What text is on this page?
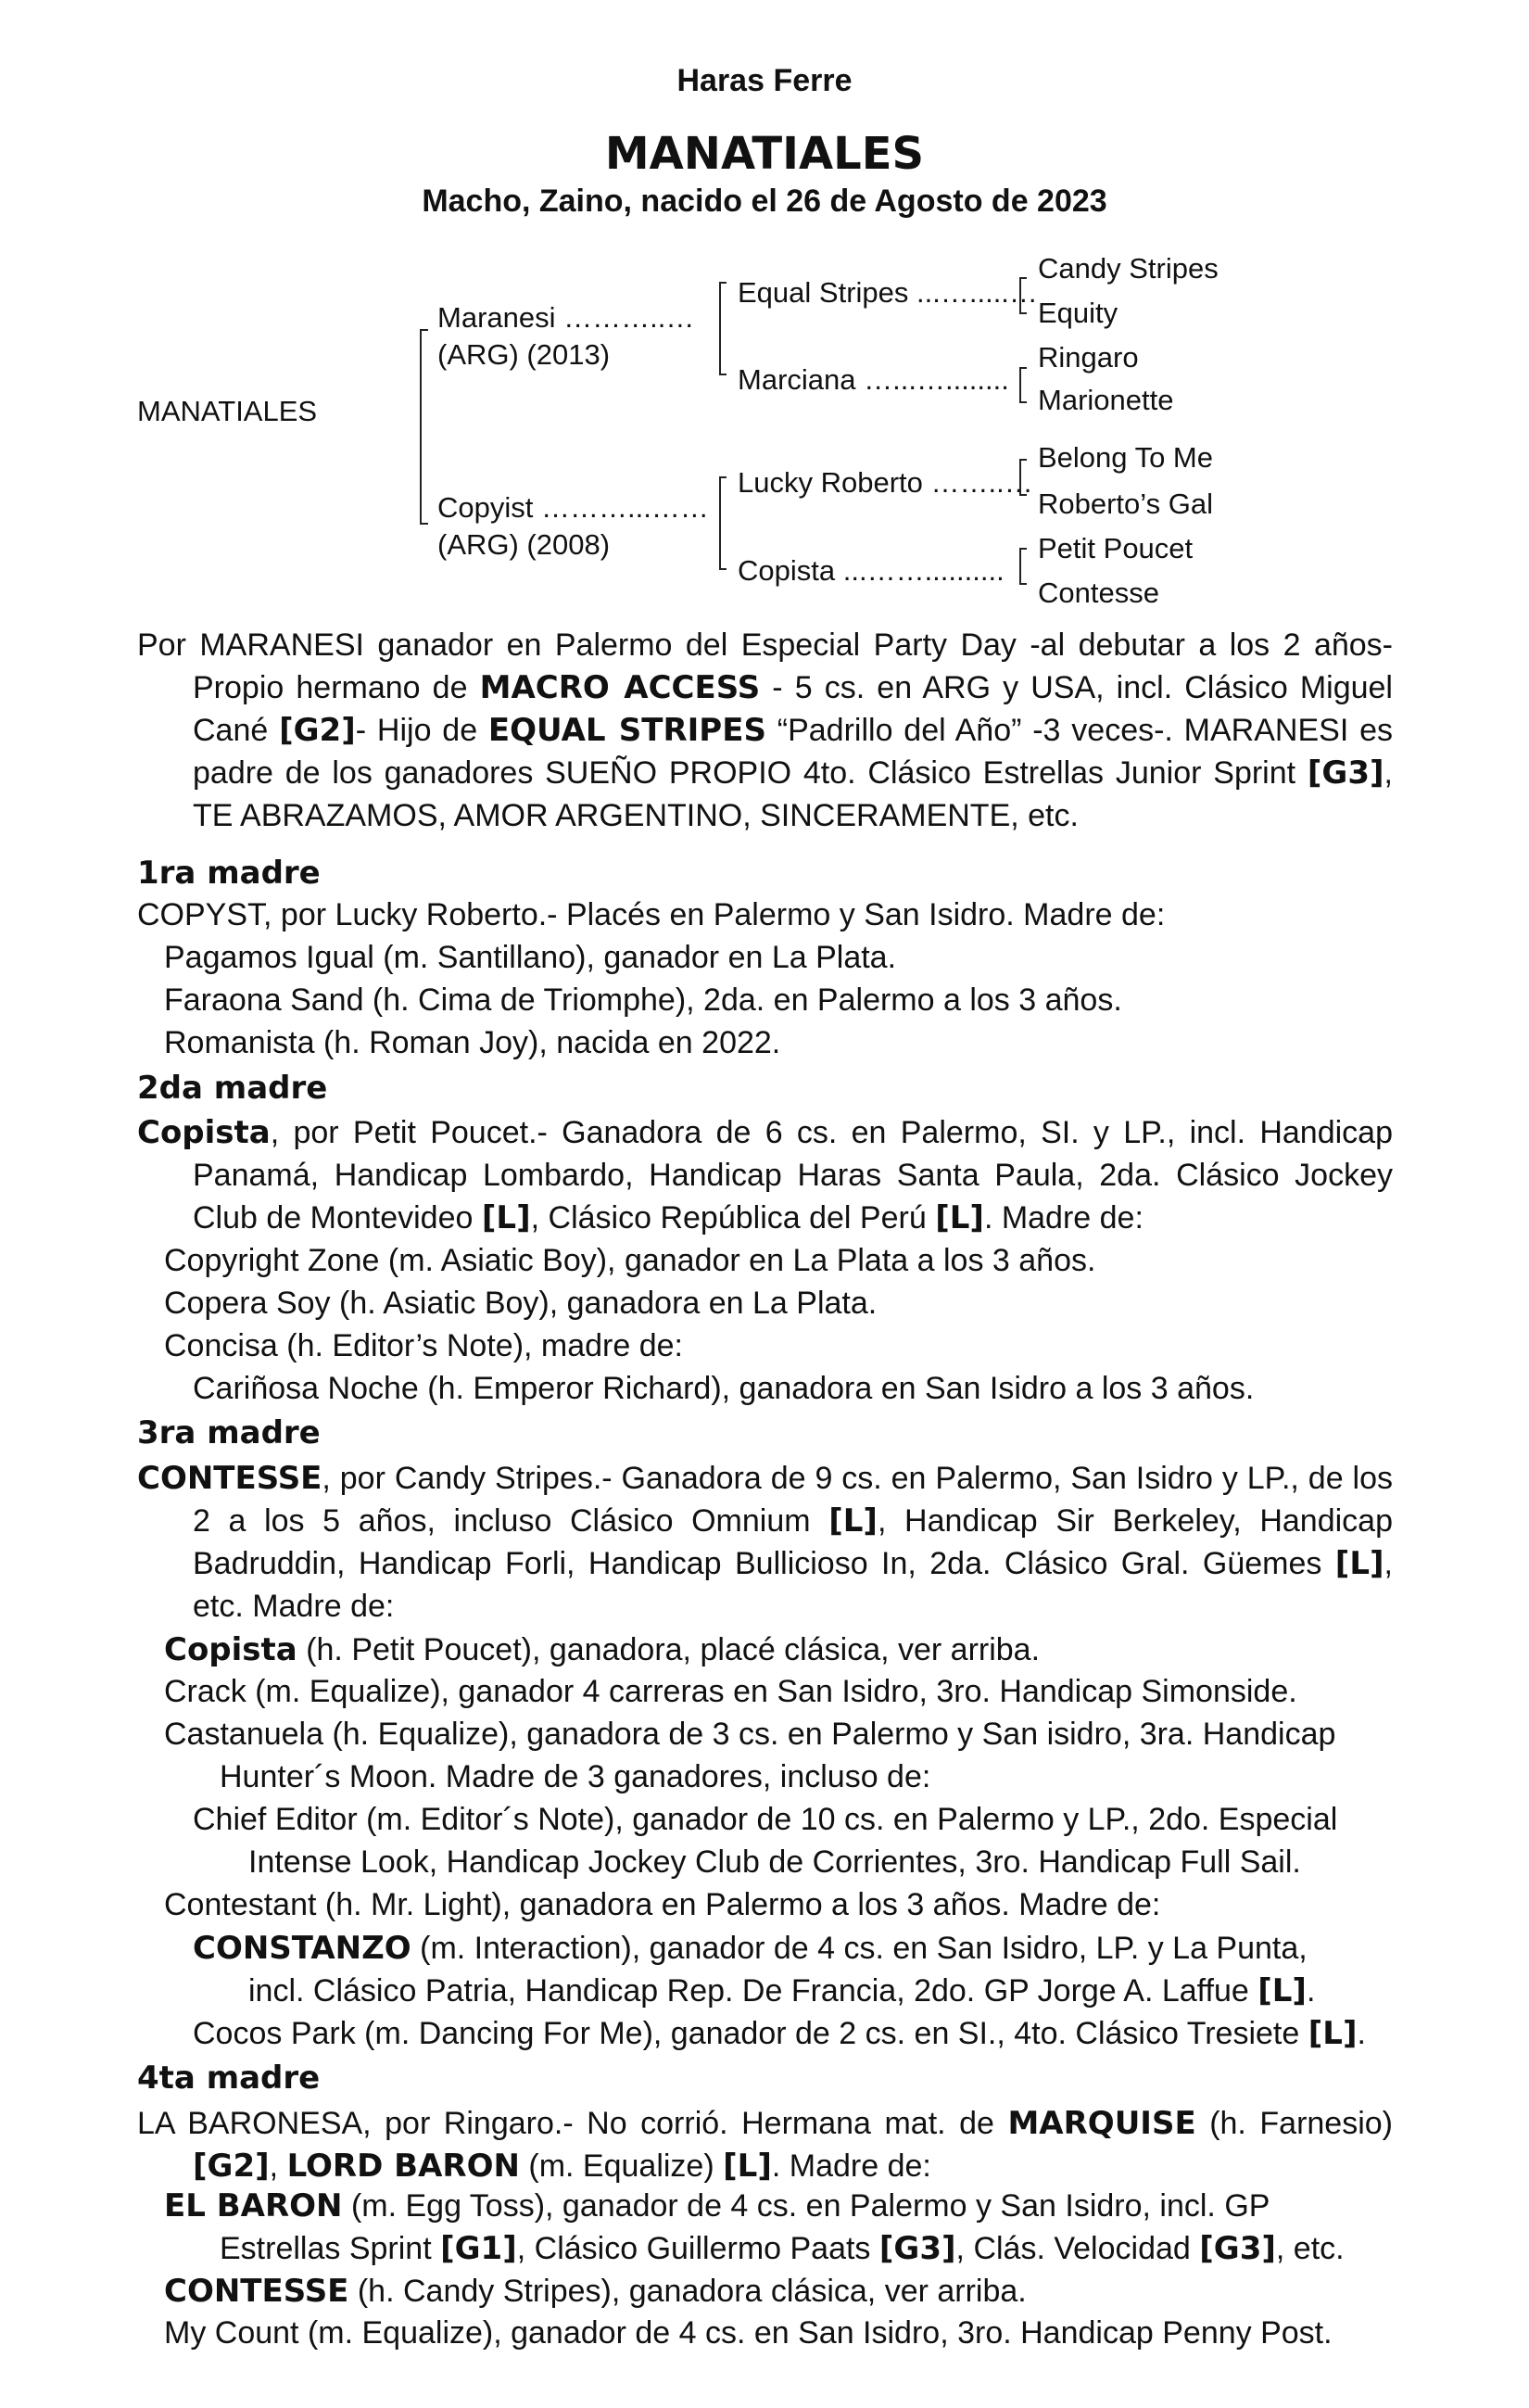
Haras Ferre
MANATIALES
Macho, Zaino, nacido el 26 de Agosto de 2023
MANATIALES
Maranesi ………..…
(ARG) (2013)
Copyist ………...……
(ARG) (2008)
Equal Stripes ...….....…
Marciana …...…........
Lucky Roberto ……..…
Copista ...……..........
Candy Stripes
Equity
Ringaro
Marionette
Belong To Me
Roberto’s Gal
Petit Poucet
Contesse
Por MARANESI ganador en Palermo del Especial Party Day -al debutar a los 2 años- Propio hermano de MACRO ACCESS - 5 cs. en ARG y USA, incl. Clásico Miguel Cané [G2]- Hijo de EQUAL STRIPES “Padrillo del Año” -3 veces-. MARANESI es padre de los ganadores SUEÑO PROPIO 4to. Clásico Estrellas Junior Sprint [G3], TE ABRAZAMOS, AMOR ARGENTINO, SINCERAMENTE, etc.
1ra madre
COPYST, por Lucky Roberto.- Placés en Palermo y San Isidro. Madre de:
Pagamos Igual (m. Santillano), ganador en La Plata.
Faraona Sand (h. Cima de Triomphe), 2da. en Palermo a los 3 años.
Romanista (h. Roman Joy), nacida en 2022.
2da madre
Copista, por Petit Poucet.- Ganadora de 6 cs. en Palermo, SI. y LP., incl. Handicap Panamá, Handicap Lombardo, Handicap Haras Santa Paula, 2da. Clásico Jockey Club de Montevideo [L], Clásico República del Perú [L]. Madre de:
Copyright Zone (m. Asiatic Boy), ganador en La Plata a los 3 años.
Copera Soy (h. Asiatic Boy), ganadora en La Plata.
Concisa (h. Editor’s Note), madre de:
Cariñosa Noche (h. Emperor Richard), ganadora en San Isidro a los 3 años.
3ra madre
CONTESSE, por Candy Stripes.- Ganadora de 9 cs. en Palermo, San Isidro y LP., de los 2 a los 5 años, incluso Clásico Omnium [L], Handicap Sir Berkeley, Handicap Badruddin, Handicap Forli, Handicap Bullicioso In, 2da. Clásico Gral. Güemes [L], etc. Madre de:
Copista (h. Petit Poucet), ganadora, placé clásica, ver arriba.
Crack (m. Equalize), ganador 4 carreras en San Isidro, 3ro. Handicap Simonside.
Castanuela (h. Equalize), ganadora de 3 cs. en Palermo y San isidro, 3ra. Handicap
Hunter´s Moon. Madre de 3 ganadores, incluso de:
Chief Editor (m. Editor´s Note), ganador de 10 cs. en Palermo y LP., 2do. Especial
Intense Look, Handicap Jockey Club de Corrientes, 3ro. Handicap Full Sail.
Contestant (h. Mr. Light), ganadora en Palermo a los 3 años. Madre de:
CONSTANZO (m. Interaction), ganador de 4 cs. en San Isidro, LP. y La Punta,
incl. Clásico Patria, Handicap Rep. De Francia, 2do. GP Jorge A. Laffue [L].
Cocos Park (m. Dancing For Me), ganador de 2 cs. en SI., 4to. Clásico Tresiete [L].
4ta madre
LA BARONESA, por Ringaro.- No corrió. Hermana mat. de MARQUISE (h. Farnesio) [G2], LORD BARON (m. Equalize) [L]. Madre de:
EL BARON (m. Egg Toss), ganador de 4 cs. en Palermo y San Isidro, incl. GP
Estrellas Sprint [G1], Clásico Guillermo Paats [G3], Clás. Velocidad [G3], etc.
CONTESSE (h. Candy Stripes), ganadora clásica, ver arriba.
My Count (m. Equalize), ganador de 4 cs. en San Isidro, 3ro. Handicap Penny Post.
